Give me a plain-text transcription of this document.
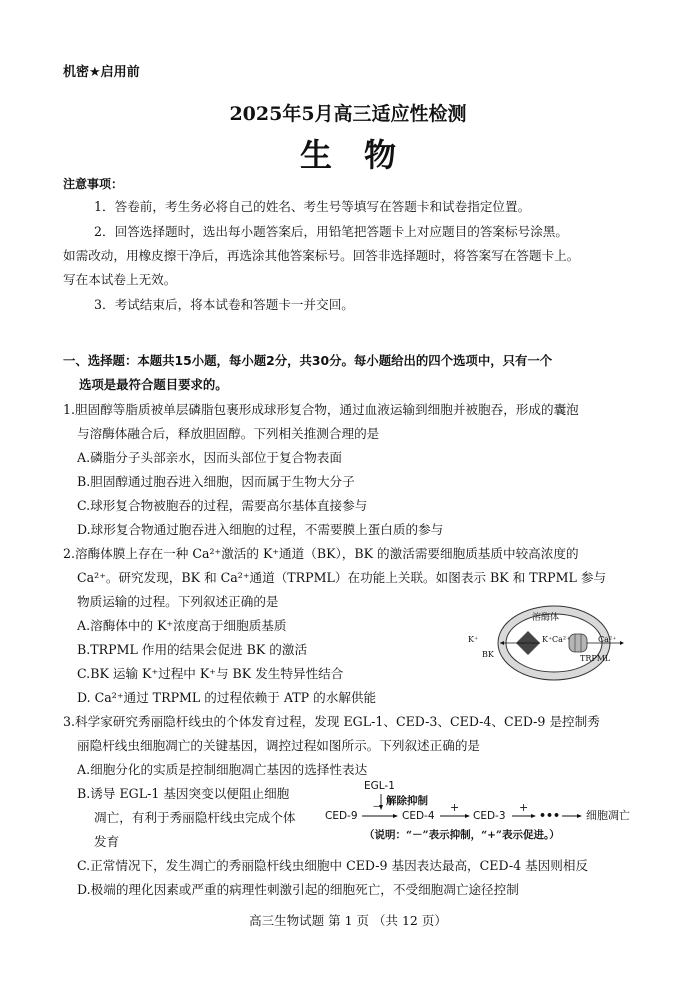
机密★启用前
2025年5月高三适应性检测
生　物
注意事项：
1．答卷前，考生务必将自己的姓名、考生号等填写在答题卡和试卷指定位置。
2．回答选择题时，选出每小题答案后，用铅笔把答题卡上对应题目的答案标号涂黑。
如需改动，用橡皮擦干净后，再选涂其他答案标号。回答非选择题时，将答案写在答题卡上。
写在本试卷上无效。
3．考试结束后，将本试卷和答题卡一并交回。
一、选择题：本题共15小题，每小题2分，共30分。每小题给出的四个选项中，只有一个
选项是最符合题目要求的。
1.胆固醇等脂质被单层磷脂包裹形成球形复合物，通过血液运输到细胞并被胞吞，形成的囊泡
与溶酶体融合后，释放胆固醇。下列相关推测合理的是
A.磷脂分子头部亲水，因而头部位于复合物表面
B.胆固醇通过胞吞进入细胞，因而属于生物大分子
C.球形复合物被胞吞的过程，需要高尔基体直接参与
D.球形复合物通过胞吞进入细胞的过程，不需要膜上蛋白质的参与
2.溶酶体膜上存在一种 Ca²⁺激活的 K⁺通道（BK），BK 的激活需要细胞质基质中较高浓度的
Ca²⁺。研究发现，BK 和 Ca²⁺通道（TRPML）在功能上关联。如图表示 BK 和 TRPML 参与
物质运输的过程。下列叙述正确的是
A.溶酶体中的 K⁺浓度高于细胞质基质
B.TRPML 作用的结果会促进 BK 的激活
C.BK 运输 K⁺过程中 K⁺与 BK 发生特异性结合
D. Ca²⁺通过 TRPML 的过程依赖于 ATP 的水解供能
溶酶体
K⁺	K⁺
BK
Ca²⁺	Ca²⁺
TRPML
3.科学家研究秀丽隐杆线虫的个体发育过程，发现 EGL-1、CED-3、CED-4、CED-9 是控制秀
丽隐杆线虫细胞凋亡的关键基因，调控过程如图所示。下列叙述正确的是
A.细胞分化的实质是控制细胞凋亡基因的选择性表达
B.诱导 EGL-1 基因突变以便阻止细胞
凋亡，有利于秀丽隐杆线虫完成个体
发育
C.正常情况下，发生凋亡的秀丽隐杆线虫细胞中 CED-9 基因表达最高，CED-4 基因则相反
D.极端的理化因素或严重的病理性刺激引起的细胞死亡，不受细胞凋亡途径控制
EGL-1
解除抑制
CED-9
—
CED-4
+
CED-3
+
••• 细胞凋亡
（说明：“－”表示抑制，“+”表示促进。）
高三生物试题 第 1 页 （共 12 页）
